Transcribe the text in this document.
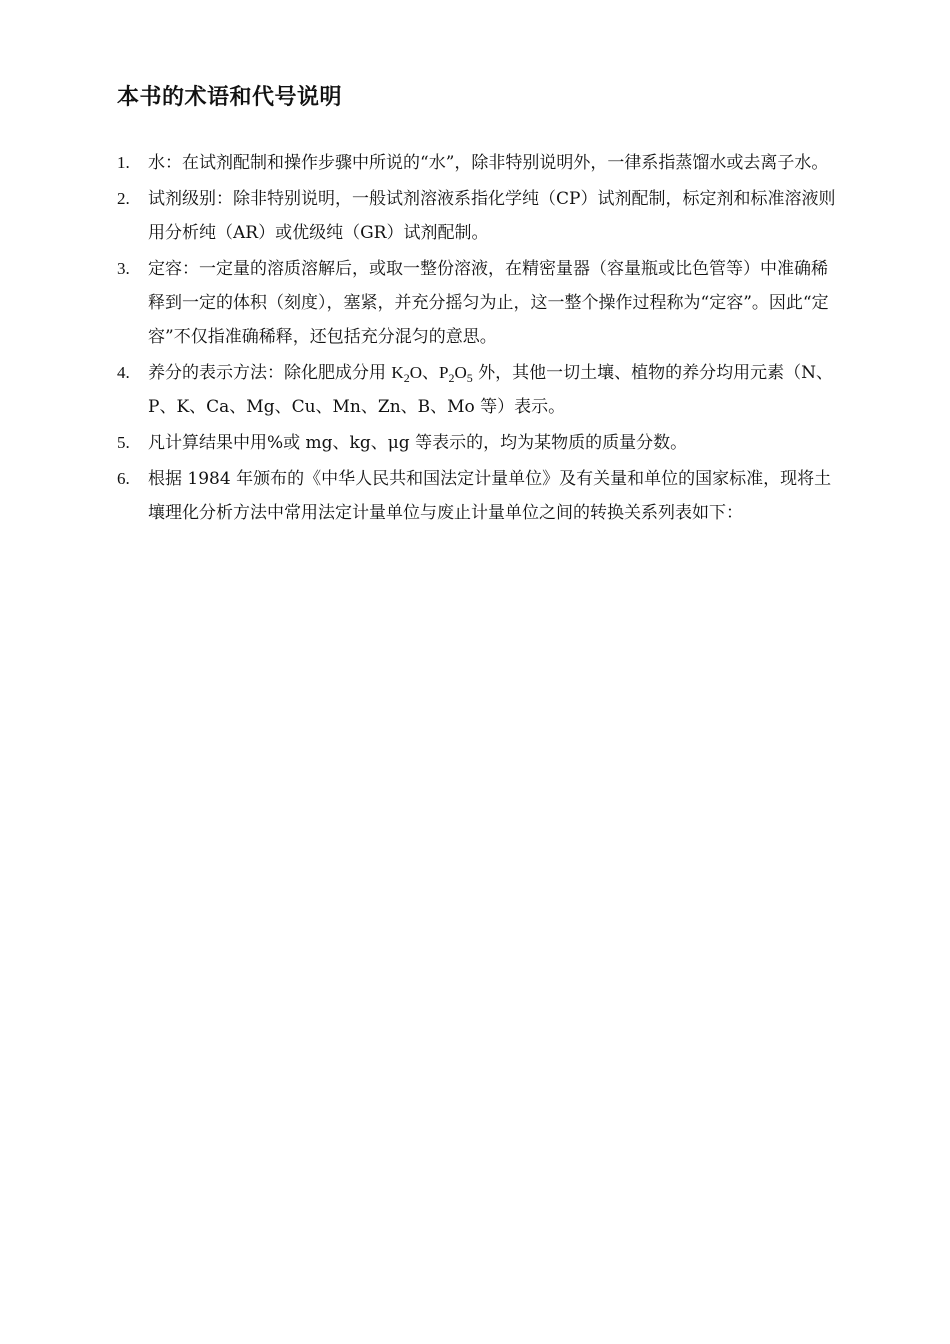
本书的术语和代号说明
1. 水：在试剂配制和操作步骤中所说的“水”，除非特别说明外，一律系指蒸馏水或去离子水。
2. 试剂级别：除非特别说明，一般试剂溶液系指化学纯（CP）试剂配制，标定剂和标准溶液则用分析纯（AR）或优级纯（GR）试剂配制。
3. 定容：一定量的溶质溶解后，或取一整份溶液，在精密量器（容量瓶或比色管等）中准确稀释到一定的体积（刻度），塞紧，并充分摇匀为止，这一整个操作过程称为“定容”。因此“定容”不仅指准确稀释，还包括充分混匀的意思。
4. 养分的表示方法：除化肥成分用 $K_2O$、$P_2O_5$ 外，其他一切土壤、植物的养分均用元素（N、P、K、Ca、Mg、Cu、Mn、Zn、B、Mo 等）表示。
5. 凡计算结果中用%或 mg、kg、μg 等表示的，均为某物质的质量分数。
6. 根据 1984 年颁布的《中华人民共和国法定计量单位》及有关量和单位的国家标准，现将土壤理化分析方法中常用法定计量单位与废止计量单位之间的转换关系列表如下：
